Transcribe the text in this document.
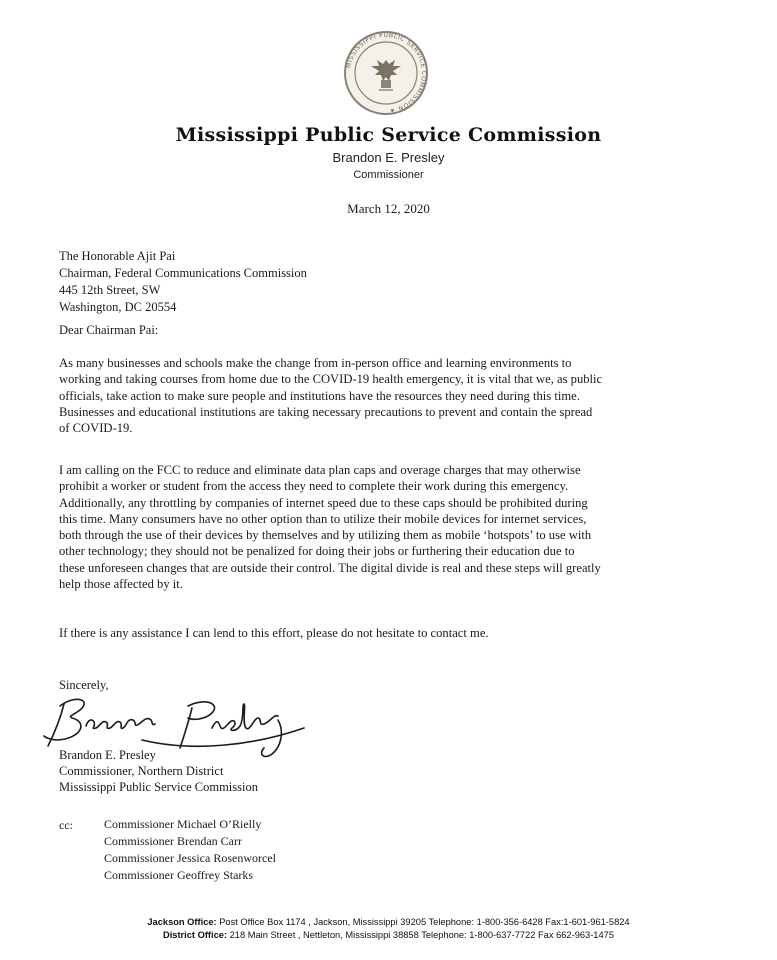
MISSISSIPPI PUBLIC SERVICE COMMISSION ★
Mississippi Public Service Commission
Brandon E. Presley
Commissioner
March 12, 2020
The Honorable Ajit Pai
Chairman, Federal Communications Commission
445 12th Street, SW
Washington, DC 20554
Dear Chairman Pai:
As many businesses and schools make the change from in-person office and learning environments to
working and taking courses from home due to the COVID-19 health emergency, it is vital that we, as public
officials, take action to make sure people and institutions have the resources they need during this time.
Businesses and educational institutions are taking necessary precautions to prevent and contain the spread
of COVID-19.
I am calling on the FCC to reduce and eliminate data plan caps and overage charges that may otherwise
prohibit a worker or student from the access they need to complete their work during this emergency.
Additionally, any throttling by companies of internet speed due to these caps should be prohibited during
this time. Many consumers have no other option than to utilize their mobile devices for internet services,
both through the use of their devices by themselves and by utilizing them as mobile ‘hotspots’ to use with
other technology; they should not be penalized for doing their jobs or furthering their education due to
these unforeseen changes that are outside their control. The digital divide is real and these steps will greatly
help those affected by it.
If there is any assistance I can lend to this effort, please do not hesitate to contact me.
Sincerely,
Brandon E. Presley
Commissioner, Northern District
Mississippi Public Service Commission
cc:	Commissioner Michael O’Rielly
Commissioner Brendan Carr
Commissioner Jessica Rosenworcel
Commissioner Geoffrey Starks
Jackson Office: Post Office Box 1174 , Jackson, Mississippi 39205 Telephone: 1-800-356-6428 Fax:1-601-961-5824
District Office: 218 Main Street , Nettleton, Mississippi 38858 Telephone: 1-800-637-7722 Fax 662-963-1475
